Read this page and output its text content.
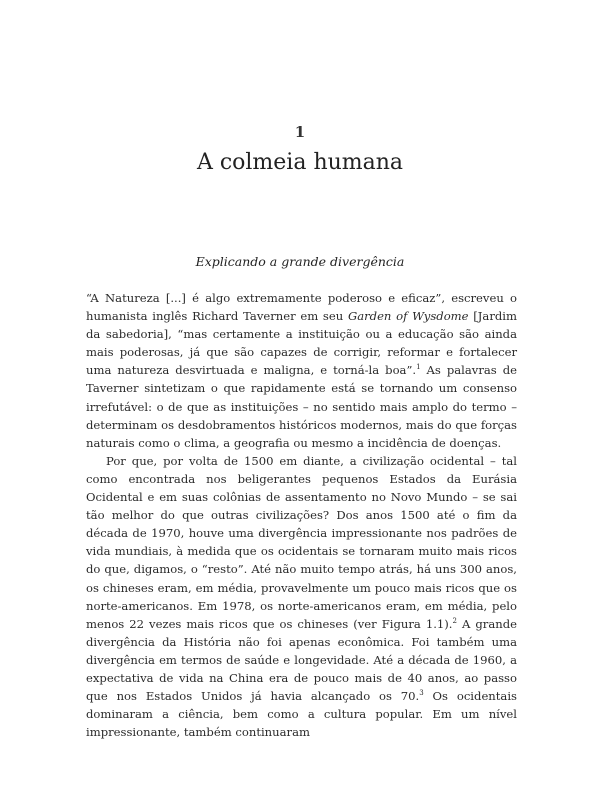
1
A colmeia humana
Explicando a grande divergência

“A Natureza [...] é algo extremamente poderoso e eficaz”, escreveu o humanista inglês Richard Taverner em seu Garden of Wysdome [Jardim da sabedoria], “mas certamente a instituição ou a educação são ainda mais poderosas, já que são capazes de corrigir, reformar e fortalecer uma natureza desvirtuada e maligna, e torná-la boa”.$^1$ As palavras de Taverner sintetizam o que rapidamente está se tornando um consenso irrefutável: o de que as instituições – no sentido mais amplo do termo – determinam os desdobramentos históricos modernos, mais do que forças naturais como o clima, a geografia ou mesmo a incidência de doenças.

Por que, por volta de 1500 em diante, a civilização ocidental – tal como encontrada nos beligerantes pequenos Estados da Eurásia Ocidental e em suas colônias de assentamento no Novo Mundo – se sai tão melhor do que outras civilizações? Dos anos 1500 até o fim da década de 1970, houve uma divergência impressionante nos padrões de vida mundiais, à medida que os ocidentais se tornaram muito mais ricos do que, digamos, o “resto”. Até não muito tempo atrás, há uns 300 anos, os chineses eram, em média, provavelmente um pouco mais ricos que os norte-americanos. Em 1978, os norte-americanos eram, em média, pelo menos 22 vezes mais ricos que os chineses (ver Figura 1.1).$^2$ A grande divergência da História não foi apenas econômica. Foi também uma divergência em termos de saúde e longevidade. Até a década de 1960, a expectativa de vida na China era de pouco mais de 40 anos, ao passo que nos Estados Unidos já havia alcançado os 70.$^3$ Os ocidentais dominaram a ciência, bem como a cultura popular. Em um nível impressionante, também continuaram
